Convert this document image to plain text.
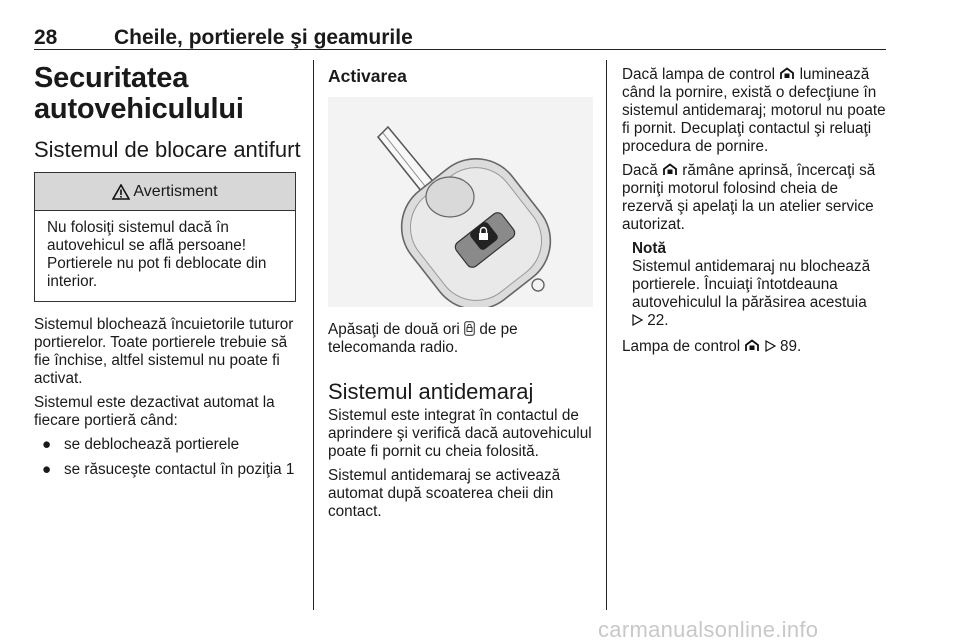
28	Cheile, portierele şi geamurile
Securitatea autovehiculului
Sistemul de blocare antifurt
Avertisment
Nu folosiţi sistemul dacă în autovehicul se află persoane! Portierele nu pot fi deblocate din interior.

Sistemul blochează încuietorile tuturor portierelor. Toate portierele trebuie să fie închise, altfel sistemul nu poate fi activat.

Sistemul este dezactivat automat la fiecare portieră când:

● se deblochează portierele
● se răsuceşte contactul în poziţia 1
Activarea

Apăsaţi de două ori de pe telecomanda radio.

Sistemul antidemaraj

Sistemul este integrat în contactul de aprindere şi verifică dacă autovehiculul poate fi pornit cu cheia folosită.

Sistemul antidemaraj se activează automat după scoaterea cheii din contact.

Dacă lampa de control luminează când la pornire, există o defecţiune în sistemul antidemaraj; motorul nu poate fi pornit. Decuplaţi contactul şi reluaţi procedura de pornire.

Dacă rămâne aprinsă, încercaţi să porniţi motorul folosind cheia de rezervă şi apelaţi la un atelier service autorizat.

Notă

Sistemul antidemaraj nu blochează portierele. Încuiaţi întotdeauna autovehiculul la părăsirea acestuia
22.

Lampa de control	89.

carmanualsonline.info
